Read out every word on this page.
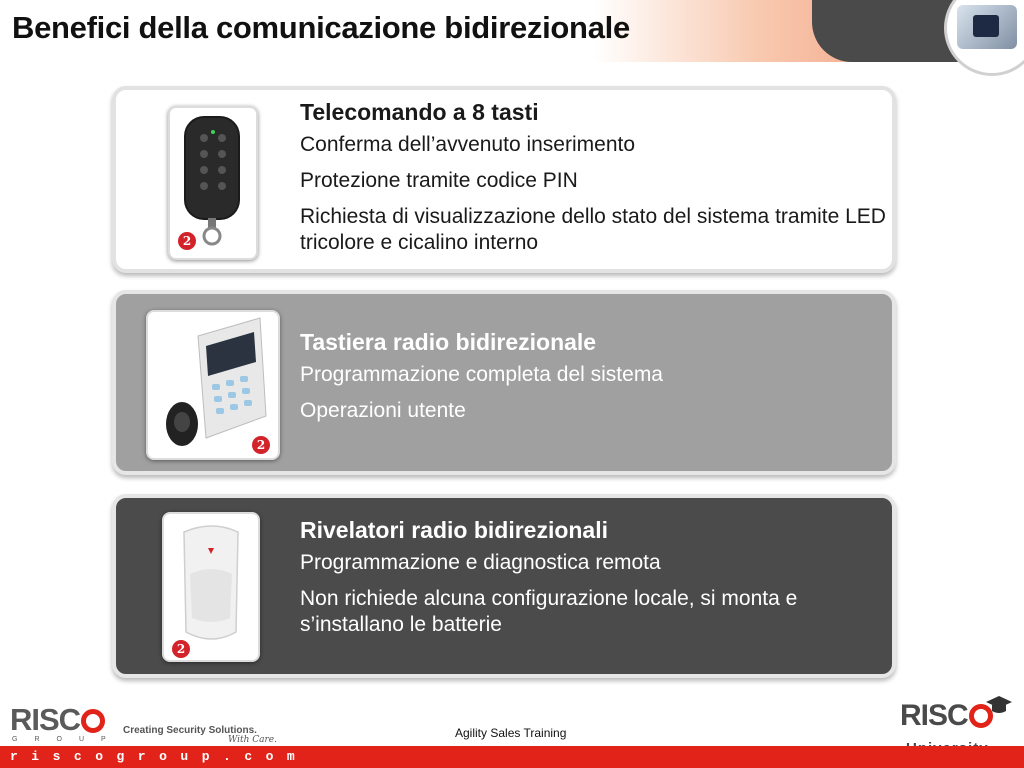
Benefici della comunicazione bidirezionale
2

Telecomando a 8 tasti

Conferma dell’avvenuto inserimento
Protezione tramite codice PIN
Richiesta di visualizzazione dello stato del sistema tramite LED tricolore e cicalino interno
2

Tastiera radio bidirezionale

Programmazione completa del sistema
Operazioni utente
2

Rivelatori radio bidirezionali

Programmazione e diagnostica remota
Non richiede alcuna configurazione locale, si monta e s’installano le batterie
RISC
GROUP
Creating Security Solutions.
With Care.	Agility Sales Training
RISC
riscogroup.com
